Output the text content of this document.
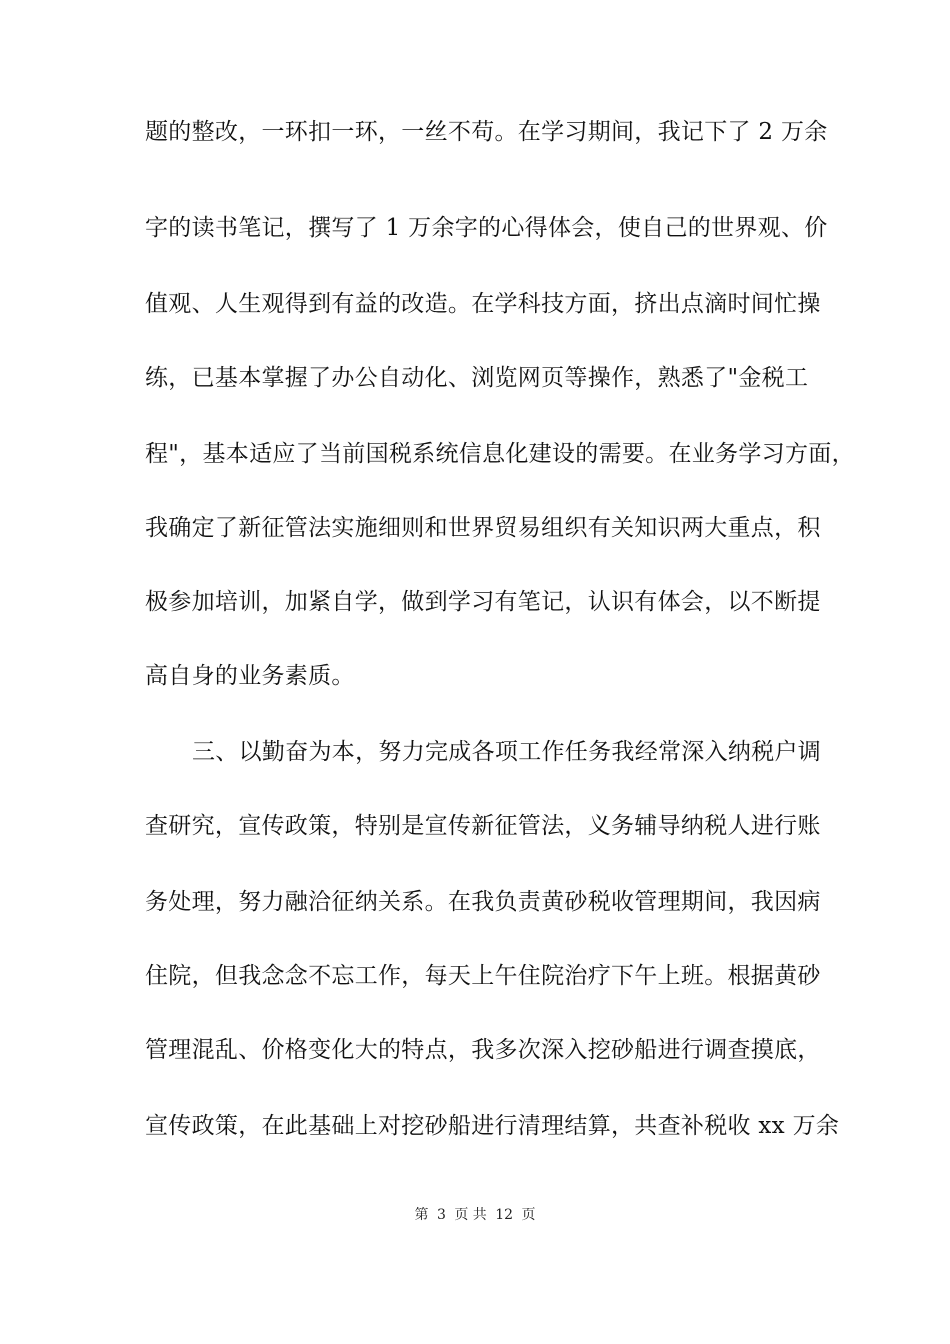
题的整改，一环扣一环，一丝不苟。在学习期间，我记下了 2 万余
字的读书笔记，撰写了 1 万余字的心得体会，使自己的世界观、价
值观、人生观得到有益的改造。在学科技方面，挤出点滴时间忙操
练，已基本掌握了办公自动化、浏览网页等操作，熟悉了"金税工
程"，基本适应了当前国税系统信息化建设的需要。在业务学习方面，
我确定了新征管法实施细则和世界贸易组织有关知识两大重点，积
极参加培训，加紧自学，做到学习有笔记，认识有体会，以不断提
高自身的业务素质。
三、以勤奋为本，努力完成各项工作任务我经常深入纳税户调
查研究，宣传政策，特别是宣传新征管法，义务辅导纳税人进行账
务处理，努力融洽征纳关系。在我负责黄砂税收管理期间，我因病
住院，但我念念不忘工作，每天上午住院治疗下午上班。根据黄砂
管理混乱、价格变化大的特点，我多次深入挖砂船进行调查摸底，
宣传政策，在此基础上对挖砂船进行清理结算，共查补税收 xx 万余
第 3 页 共 12 页
